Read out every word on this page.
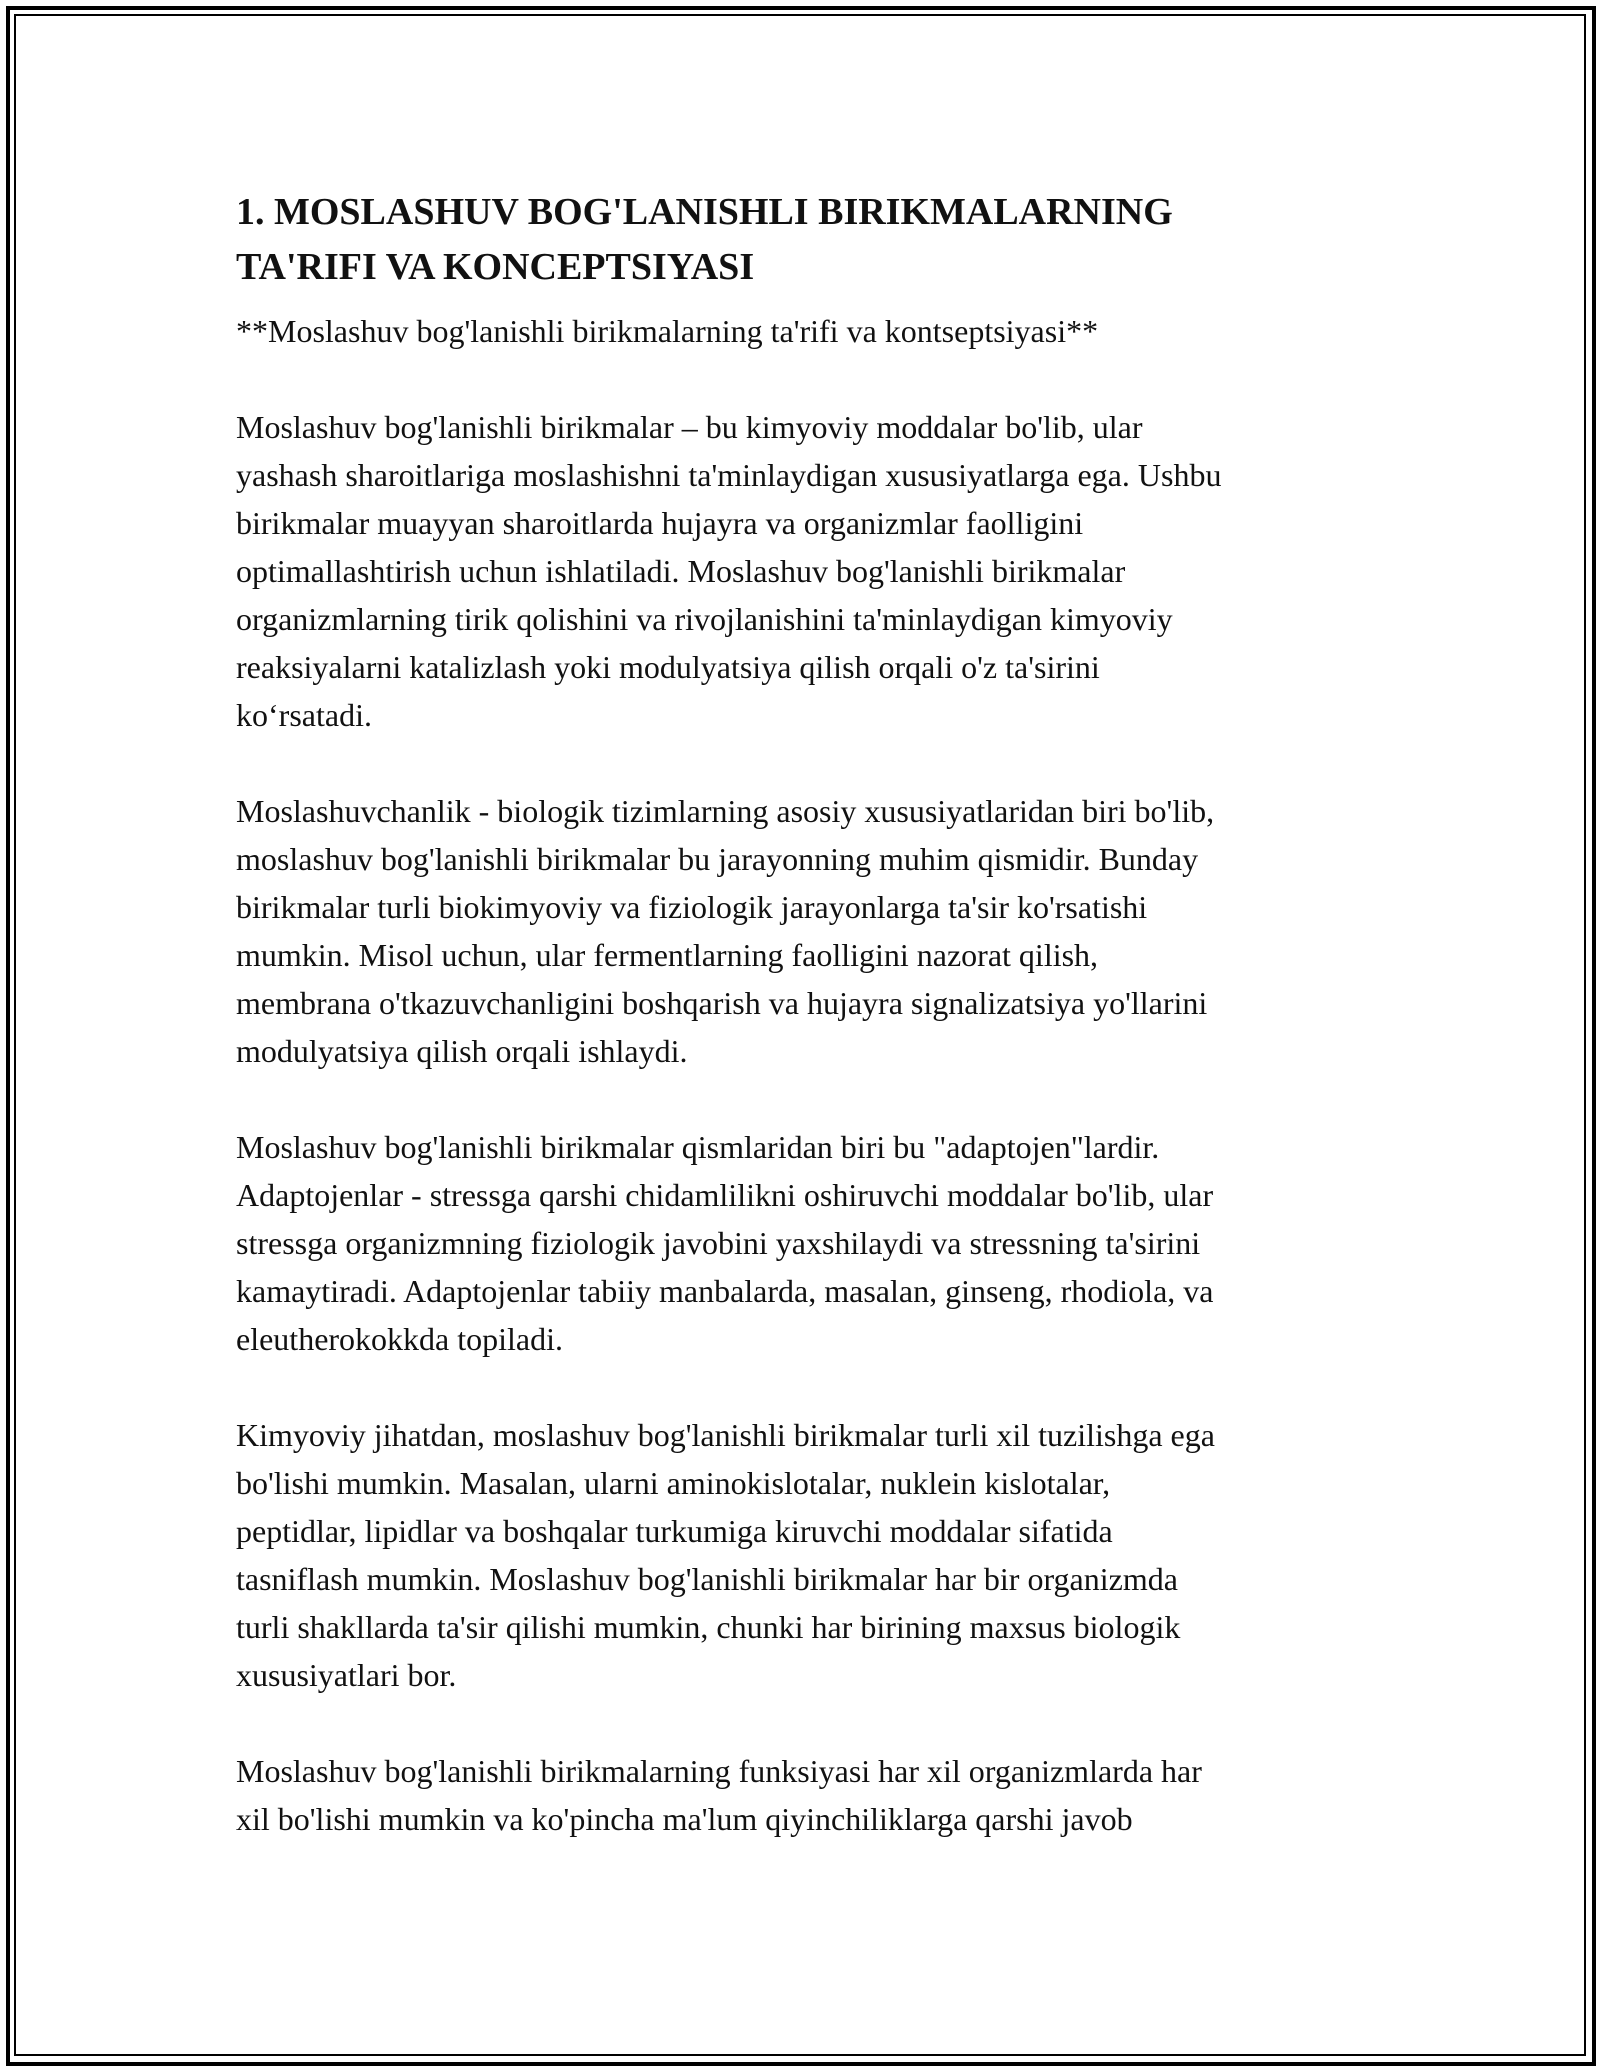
1. MOSLASHUV BOG'LANISHLI BIRIKMALARNING
TA'RIFI VA KONCEPTSIYASI

**Moslashuv bog'lanishli birikmalarning ta'rifi va kontseptsiyasi**

Moslashuv bog'lanishli birikmalar – bu kimyoviy moddalar bo'lib, ular
yashash sharoitlariga moslashishni ta'minlaydigan xususiyatlarga ega. Ushbu
birikmalar muayyan sharoitlarda hujayra va organizmlar faolligini
optimallashtirish uchun ishlatiladi. Moslashuv bog'lanishli birikmalar
organizmlarning tirik qolishini va rivojlanishini ta'minlaydigan kimyoviy
reaksiyalarni katalizlash yoki modulyatsiya qilish orqali o'z ta'sirini
ko‘rsatadi.

Moslashuvchanlik - biologik tizimlarning asosiy xususiyatlaridan biri bo'lib,
moslashuv bog'lanishli birikmalar bu jarayonning muhim qismidir. Bunday
birikmalar turli biokimyoviy va fiziologik jarayonlarga ta'sir ko'rsatishi
mumkin. Misol uchun, ular fermentlarning faolligini nazorat qilish,
membrana o'tkazuvchanligini boshqarish va hujayra signalizatsiya yo'llarini
modulyatsiya qilish orqali ishlaydi.

Moslashuv bog'lanishli birikmalar qismlaridan biri bu "adaptojen"lardir.
Adaptojenlar - stressga qarshi chidamlilikni oshiruvchi moddalar bo'lib, ular
stressga organizmning fiziologik javobini yaxshilaydi va stressning ta'sirini
kamaytiradi. Adaptojenlar tabiiy manbalarda, masalan, ginseng, rhodiola, va
eleutherokokkda topiladi.

Kimyoviy jihatdan, moslashuv bog'lanishli birikmalar turli xil tuzilishga ega
bo'lishi mumkin. Masalan, ularni aminokislotalar, nuklein kislotalar,
peptidlar, lipidlar va boshqalar turkumiga kiruvchi moddalar sifatida
tasniflash mumkin. Moslashuv bog'lanishli birikmalar har bir organizmda
turli shakllarda ta'sir qilishi mumkin, chunki har birining maxsus biologik
xususiyatlari bor.

Moslashuv bog'lanishli birikmalarning funksiyasi har xil organizmlarda har
xil bo'lishi mumkin va ko'pincha ma'lum qiyinchiliklarga qarshi javob
